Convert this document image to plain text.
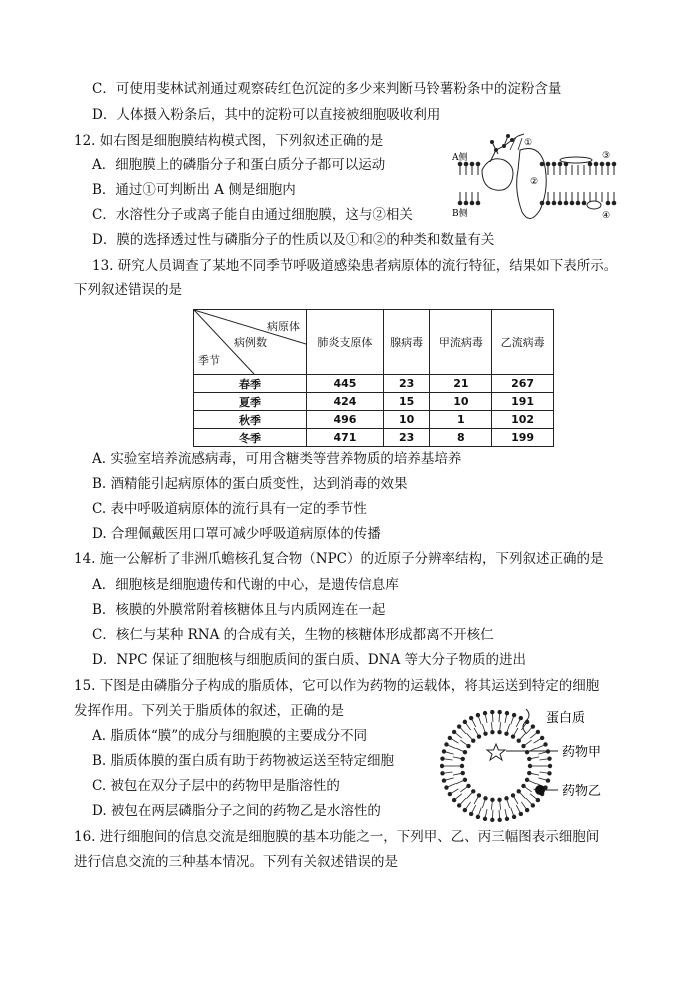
C．可使用斐林试剂通过观察砖红色沉淀的多少来判断马铃薯粉条中的淀粉含量
D．人体摄入粉条后，其中的淀粉可以直接被细胞吸收利用
12. 如右图是细胞膜结构模式图，下列叙述正确的是
A．细胞膜上的磷脂分子和蛋白质分子都可以运动
B．通过①可判断出 A 侧是细胞内
C．水溶性分子或离子能自由通过细胞膜，这与②相关
D．膜的选择透过性与磷脂分子的性质以及①和②的种类和数量有关
A侧
B侧
①
②
③
④
13. 研究人员调查了某地不同季节呼吸道感染患者病原体的流行特征，结果如下表所示。
下列叙述错误的是
病原体
病例数
季节	肺炎支原体	腺病毒	甲流病毒	乙流病毒
春季	445	23	21	267
夏季	424	15	10	191
秋季	496	10	1	102
冬季	471	23	8	199
A. 实验室培养流感病毒，可用含糖类等营养物质的培养基培养
B. 酒精能引起病原体的蛋白质变性，达到消毒的效果
C. 表中呼吸道病原体的流行具有一定的季节性
D. 合理佩戴医用口罩可减少呼吸道病原体的传播
14. 施一公解析了非洲爪蟾核孔复合物（NPC）的近原子分辨率结构，下列叙述正确的是
A．细胞核是细胞遗传和代谢的中心，是遗传信息库
B．核膜的外膜常附着核糖体且与内质网连在一起
C．核仁与某种 RNA 的合成有关，生物的核糖体形成都离不开核仁
D．NPC 保证了细胞核与细胞质间的蛋白质、DNA 等大分子物质的进出
15. 下图是由磷脂分子构成的脂质体，它可以作为药物的运载体，将其运送到特定的细胞
发挥作用。下列关于脂质体的叙述，正确的是
A. 脂质体“膜”的成分与细胞膜的主要成分不同
B. 脂质体膜的蛋白质有助于药物被运送至特定细胞
C. 被包在双分子层中的药物甲是脂溶性的
D. 被包在两层磷脂分子之间的药物乙是水溶性的
蛋白质
药物甲
药物乙
16. 进行细胞间的信息交流是细胞膜的基本功能之一，下列甲、乙、丙三幅图表示细胞间
进行信息交流的三种基本情况。下列有关叙述错误的是
